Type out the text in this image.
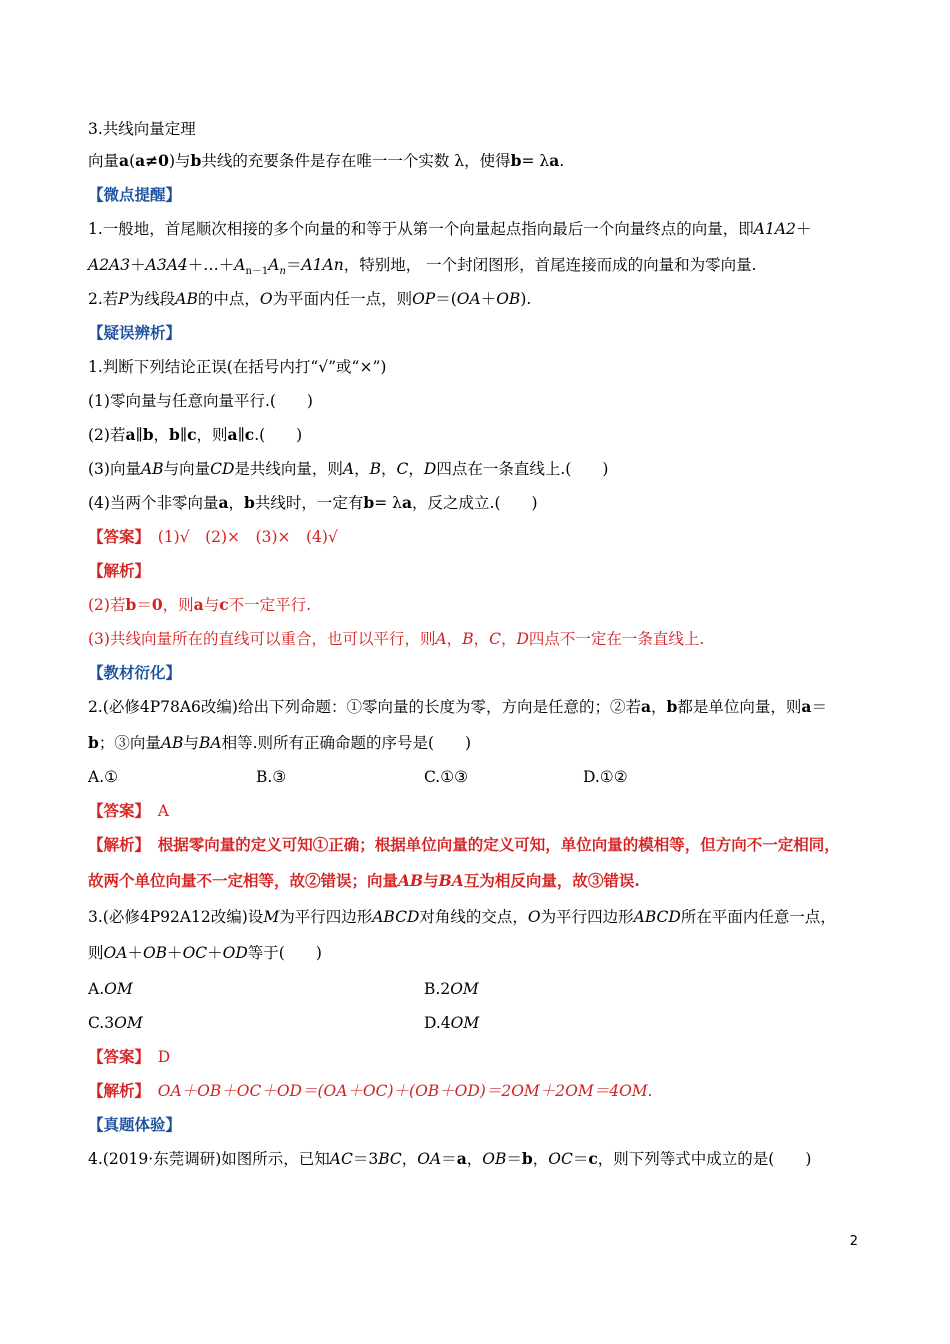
3.共线向量定理
向量a(a≠0)与b共线的充要条件是存在唯一一个实数 λ，使得b= λa.
【微点提醒】
1.一般地，首尾顺次相接的多个向量的和等于从第一个向量起点指向最后一个向量终点的向量，即A1A2＋
$A2A3+A3A4+\dots+A_{n-1}A_n=A1An$，特别地， 一个封闭图形，首尾连接而成的向量和为零向量.
2.若P为线段AB的中点，O为平面内任一点，则OP＝(OA＋OB).
【疑误辨析】
1.判断下列结论正误(在括号内打“√”或“×”)
(1)零向量与任意向量平行.(　　)
(2)若a∥b，b∥c，则a∥c.(　　)
(3)向量AB与向量CD是共线向量，则A，B，C，D四点在一条直线上.(　　)
(4)当两个非零向量a，b共线时，一定有b= λa，反之成立.(　　)
【答案】　(1)√　(2)×　(3)×　(4)√
【解析】
(2)若b＝0，则a与c不一定平行.
(3)共线向量所在的直线可以重合，也可以平行，则A，B，C，D四点不一定在一条直线上.
【教材衍化】
2.(必修4P78A6改编)给出下列命题：①零向量的长度为零，方向是任意的；②若a，b都是单位向量，则a＝
b；③向量AB与BA相等.则所有正确命题的序号是(　　)
A.①	B.③	C.①③	D.①②
【答案】　A
【解析】　根据零向量的定义可知①正确；根据单位向量的定义可知，单位向量的模相等，但方向不一定相同，
故两个单位向量不一定相等，故②错误；向量AB与BA互为相反向量，故③错误.
3.(必修4P92A12改编)设M为平行四边形ABCD对角线的交点，O为平行四边形ABCD所在平面内任意一点，
则OA＋OB＋OC＋OD等于(　　)
A.OM	B.2OM
C.3OM	D.4OM
【答案】　D
【解析】　OA＋OB＋OC＋OD＝(OA＋OC)＋(OB＋OD)＝2OM＋2OM＝4OM.
【真题体验】
4.(2019·东莞调研)如图所示，已知AC＝3BC，OA＝a，OB＝b，OC＝c，则下列等式中成立的是(　　)
2
